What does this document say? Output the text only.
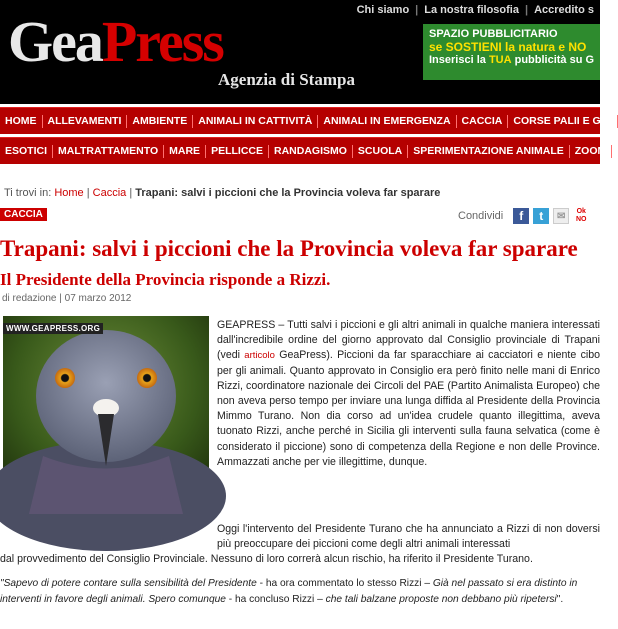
GeaPress
Agenzia di Stampa
Chi siamo | La nostra filosofia | Accredito s
SPAZIO PUBBLICITARIO
se SOSTIENI la natura e NO
Inserisci la TUA pubblicità su G
HOME	ALLEVAMENTI	AMBIENTE	ANIMALI IN CATTIVITÀ	ANIMALI IN EMERGENZA	CACCIA	CORSE PALII E GIO
ESOTICI	MALTRATTAMENTO	MARE	PELLICCE	RANDAGISMO	SCUOLA	SPERIMENTAZIONE ANIMALE	ZOOM
Ti trovi in: Home | Caccia | Trapani: salvi i piccioni che la Provincia voleva far sparare
CACCIA	Condividi	f	t	✉	Ok NO
Trapani: salvi i piccioni che la Provincia voleva far sparare
Il Presidente della Provincia risponde a Rizzi.
di redazione | 07 marzo 2012
WWW.GEAPRESS.ORG	GEAPRESS – Tutti salvi i piccioni e gli altri animali in qualche maniera interessati dall'incredibile ordine del giorno approvato dal Consiglio provinciale di Trapani (vedi articolo GeaPress). Piccioni da far sparacchiare ai cacciatori e niente cibo per gli animali. Quanto approvato in Consiglio era però finito nelle mani di Enrico Rizzi, coordinatore nazionale dei Circoli del PAE (Partito Animalista Europeo) che non aveva perso tempo per inviare una lunga diffida al Presidente della Provincia Mimmo Turano. Non dia corso ad un'idea crudele quanto illegittima, aveva tuonato Rizzi, anche perché in Sicilia gli interventi sulla fauna selvatica (come è considerato il piccione) sono di competenza della Regione e non delle Province. Ammazzati anche per vie illegittime, dunque.
Oggi l'intervento del Presidente Turano che ha annunciato a Rizzi di non doversi più preoccupare dei piccioni come degli altri animali interessati
dal provvedimento del Consiglio Provinciale. Nessuno di loro correrà alcun rischio, ha riferito il Presidente Turano.
"Sapevo di potere contare sulla sensibilità del Presidente - ha ora commentato lo stesso Rizzi – Già nel passato si era distinto in interventi in favore degli animali. Spero comunque - ha concluso Rizzi – che tali balzane proposte non debbano più ripetersi".
